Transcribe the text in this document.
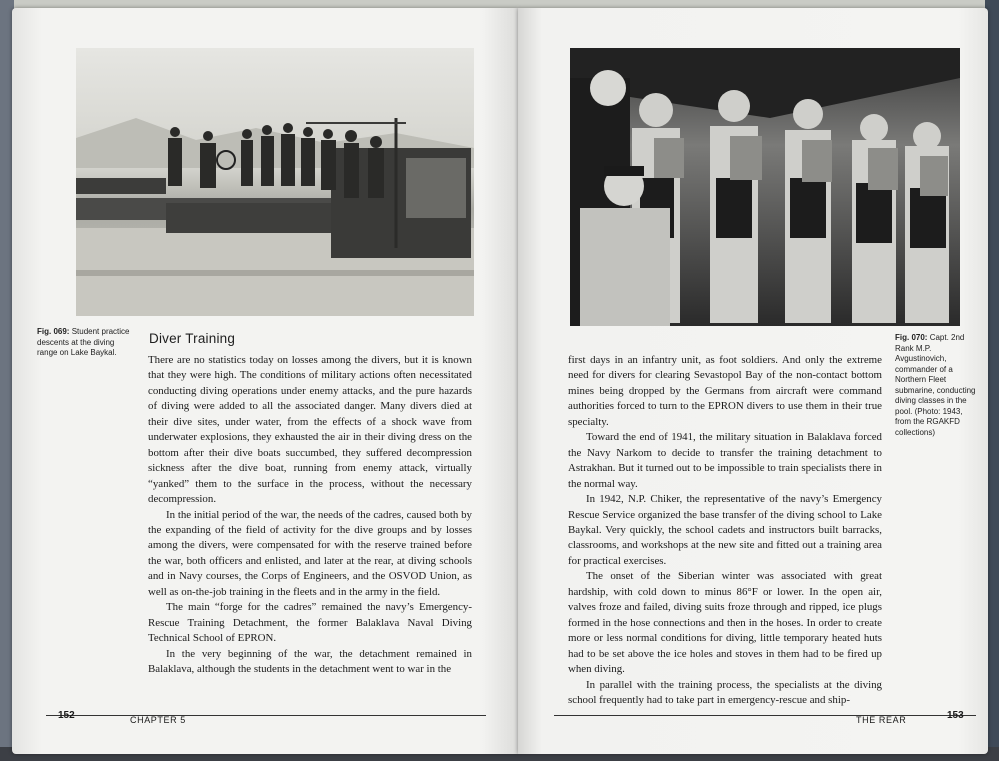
Fig. 069: Student practice descents at the diving range on Lake Baykal.
Diver Training

There are no statistics today on losses among the divers, but it is known that they were high. The conditions of military actions often necessitated conducting diving operations under enemy attacks, and the pure hazards of diving were added to all the associated danger. Many divers died at their dive sites, under water, from the effects of a shock wave from underwater explosions, they exhausted the air in their diving dress on the bottom after their dive boats succumbed, they suffered decompression sickness after the dive boat, running from enemy attack, virtually “yanked” them to the surface in the process, without the necessary decompression.

In the initial period of the war, the needs of the cadres, caused both by the expanding of the field of activity for the dive groups and by losses among the divers, were compensated for with the reserve trained before the war, both officers and enlisted, and later at the rear, at diving schools and in Navy courses, the Corps of Engineers, and the OSVOD Union, as well as on-the-job training in the fleets and in the army in the field.

The main “forge for the cadres” remained the navy’s Emergency-Rescue Training Detachment, the former Balaklava Naval Diving Technical School of EPRON.

In the very beginning of the war, the detachment remained in Balaklava, although the students in the detachment went to war in the

152	CHAPTER 5
Fig. 070: Capt. 2nd Rank M.P. Avgustinovich, commander of a Northern Fleet submarine, conducting diving classes in the pool. (Photo: 1943, from the RGAKFD collections)

first days in an infantry unit, as foot soldiers. And only the extreme need for divers for clearing Sevastopol Bay of the non-contact bottom mines being dropped by the Germans from aircraft were command authorities forced to turn to the EPRON divers to use them in their true specialty.

Toward the end of 1941, the military situation in Balaklava forced the Navy Narkom to decide to transfer the training detachment to Astrakhan. But it turned out to be impossible to train specialists there in the normal way.

In 1942, N.P. Chiker, the representative of the navy’s Emergency Rescue Service organized the base transfer of the diving school to Lake Baykal. Very quickly, the school cadets and instructors built barracks, classrooms, and workshops at the new site and fitted out a training area for practical exercises.

The onset of the Siberian winter was associated with great hardship, with cold down to minus 86°F or lower. In the open air, valves froze and failed, diving suits froze through and ripped, ice plugs formed in the hose connections and then in the hoses. In order to create more or less normal conditions for diving, little temporary heated huts had to be set above the ice holes and stoves in them had to be fired up when diving.

In parallel with the training process, the specialists at the diving school frequently had to take part in emergency-rescue and ship-

THE REAR	153
